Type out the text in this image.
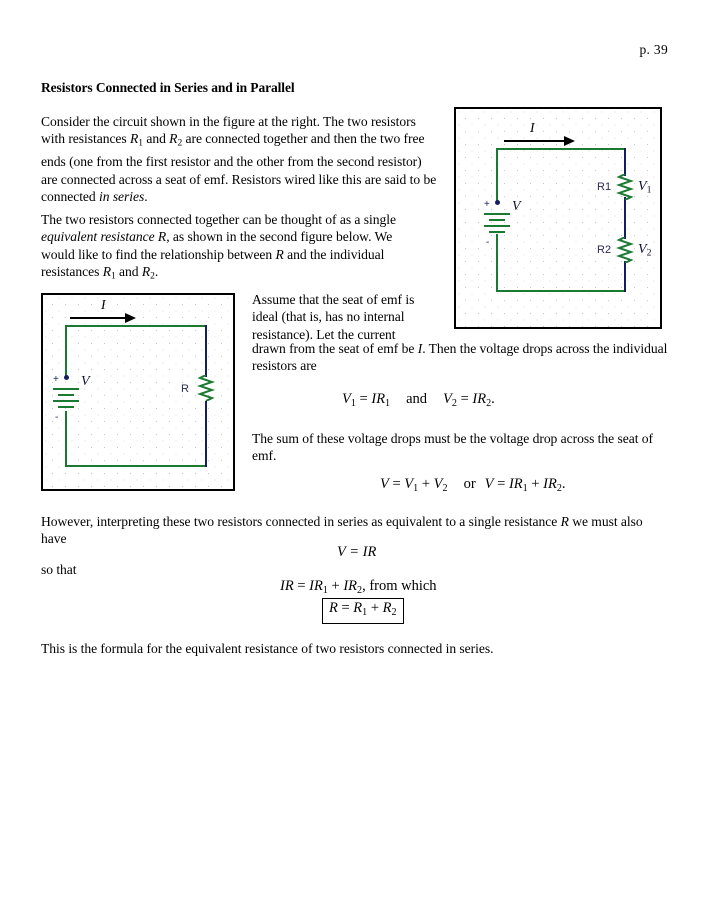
p. 39
Resistors Connected in Series and in Parallel
Consider the circuit shown in the figure at the right. The two resistors with resistances $R_1$ and $R_2$ are connected together and then the two free ends (one from the first resistor and the other from the second resistor) are connected across a seat of emf. Resistors wired like this are said to be connected in series.
The two resistors connected together can be thought of as a single equivalent resistance R, as shown in the second figure below. We would like to find the relationship between R and the individual resistances $R_1$ and $R_2$.
Assume that the seat of emf is ideal (that is, has no internal resistance). Let the current
drawn from the seat of emf be I. Then the voltage drops across the individual resistors are
$V_1 = IR_1$ and $V_2 = IR_2$.
The sum of these voltage drops must be the voltage drop across the seat of emf.
$V = V_1 + V_2$ or $V = IR_1 + IR_2$.
However, interpreting these two resistors connected in series as equivalent to a single resistance R we must also have
V = IR
so that
IR = $IR_1 + IR_2$, from which
$R = R_1 + R_2$
This is the formula for the equivalent resistance of two resistors connected in series.
I
+
-
V
R1 $V_1$
R2 $V_2$
I
+
-
V	R
